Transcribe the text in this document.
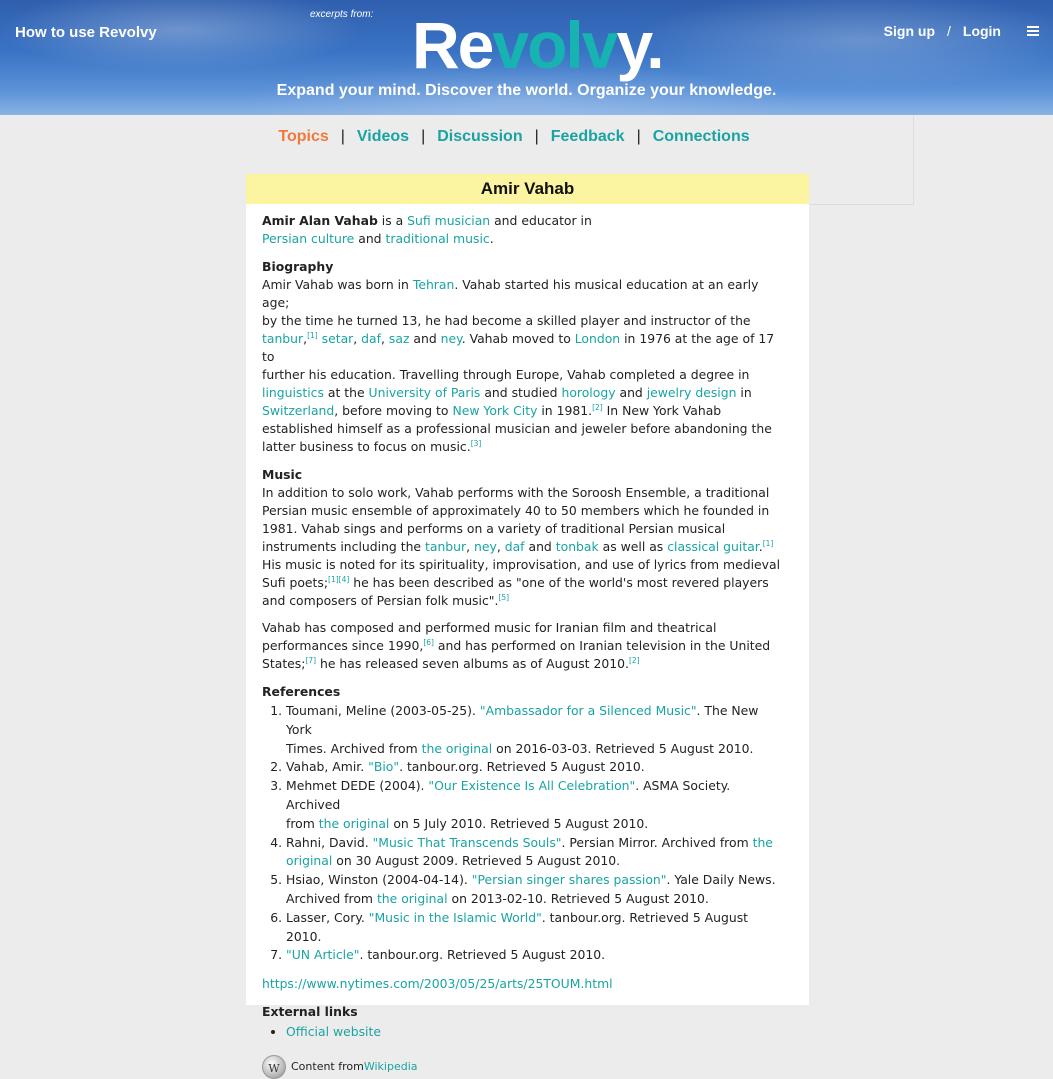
How to use Revolvy
excerpts from: Revolvy.
Expand your mind. Discover the world. Organize your knowledge.
Sign up / Login
Topics | Videos | Discussion | Feedback | Connections
Amir Vahab

Amir Alan Vahab is a Sufi musician and educator in
Persian culture and traditional music.

Biography

Amir Vahab was born in Tehran. Vahab started his musical education at an early age;
by the time he turned 13, he had become a skilled player and instructor of the
tanbur,[1] setar, daf, saz and ney. Vahab moved to London in 1976 at the age of 17 to
further his education. Travelling through Europe, Vahab completed a degree in
linguistics at the University of Paris and studied horology and jewelry design in
Switzerland, before moving to New York City in 1981.[2] In New York Vahab
established himself as a professional musician and jeweler before abandoning the
latter business to focus on music.[3]

Music

In addition to solo work, Vahab performs with the Soroosh Ensemble, a traditional
Persian music ensemble of approximately 40 to 50 members which he founded in
1981. Vahab sings and performs on a variety of traditional Persian musical
instruments including the tanbur, ney, daf and tonbak as well as classical guitar.[1]
His music is noted for its spirituality, improvisation, and use of lyrics from medieval
Sufi poets;[1][4] he has been described as "one of the world's most revered players
and composers of Persian folk music".[5]

Vahab has composed and performed music for Iranian film and theatrical
performances since 1990,[6] and has performed on Iranian television in the United
States;[7] he has released seven albums as of August 2010.[2]

References
1. Toumani, Meline (2003-05-25). "Ambassador for a Silenced Music". The New York
Times. Archived from the original on 2016-03-03. Retrieved 5 August 2010.
2. Vahab, Amir. "Bio". tanbour.org. Retrieved 5 August 2010.
3. Mehmet DEDE (2004). "Our Existence Is All Celebration". ASMA Society. Archived
from the original on 5 July 2010. Retrieved 5 August 2010.
4. Rahni, David. "Music That Transcends Souls". Persian Mirror. Archived from the
original on 30 August 2009. Retrieved 5 August 2010.
5. Hsiao, Winston (2004-04-14). "Persian singer shares passion". Yale Daily News.
Archived from the original on 2013-02-10. Retrieved 5 August 2010.
6. Lasser, Cory. "Music in the Islamic World". tanbour.org. Retrieved 5 August 2010.
7. "UN Article". tanbour.org. Retrieved 5 August 2010.
https://www.nytimes.com/2003/05/25/arts/25TOUM.html
External links
• Official website
W	Content from Wikipedia
